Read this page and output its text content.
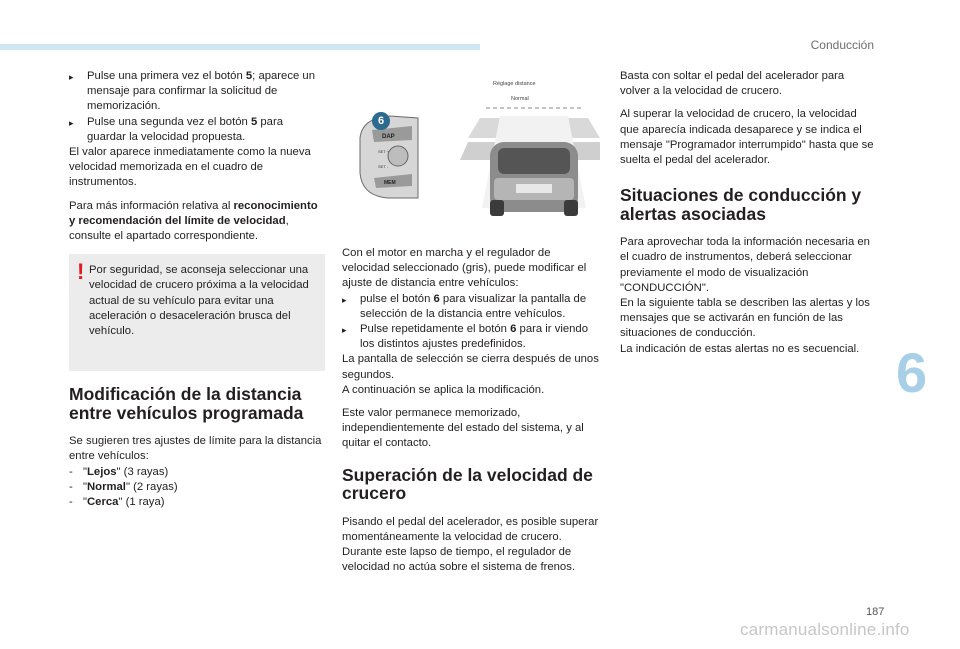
Conducción
▸	Pulse una primera vez el botón 5; aparece un mensaje para confirmar la solicitud de memorización.
▸	Pulse una segunda vez el botón 5 para guardar la velocidad propuesta.

El valor aparece inmediatamente como la nueva velocidad memorizada en el cuadro de instrumentos.

Para más información relativa al reconocimiento y recomendación del límite de velocidad, consulte el apartado correspondiente.

! Por seguridad, se aconseja seleccionar una velocidad de crucero próxima a la velocidad actual de su vehículo para evitar una aceleración o desaceleración brusca del vehículo.
Modificación de la distancia entre vehículos programada

Se sugieren tres ajustes de límite para la distancia entre vehículos:

- "Lejos" (3 rayas)
- "Normal" (2 rayas)
- "Cerca" (1 raya)
DAP
SET +
SET -
MEM
6
Réglage distance
Normal

Con el motor en marcha y el regulador de velocidad seleccionado (gris), puede modificar el ajuste de distancia entre vehículos:

▸	pulse el botón 6 para visualizar la pantalla de selección de la distancia entre vehículos.
▸	Pulse repetidamente el botón 6 para ir viendo los distintos ajustes predefinidos.

La pantalla de selección se cierra después de unos segundos.

A continuación se aplica la modificación.

Este valor permanece memorizado, independientemente del estado del sistema, y al quitar el contacto.

Superación de la velocidad de crucero

Pisando el pedal del acelerador, es posible superar momentáneamente la velocidad de crucero.

Durante este lapso de tiempo, el regulador de velocidad no actúa sobre el sistema de frenos.

Basta con soltar el pedal del acelerador para volver a la velocidad de crucero.

Al superar la velocidad de crucero, la velocidad que aparecía indicada desaparece y se indica el mensaje "Programador interrumpido" hasta que se suelta el pedal del acelerador.

Situaciones de conducción y alertas asociadas

Para aprovechar toda la información necesaria en el cuadro de instrumentos, deberá seleccionar previamente el modo de visualización "CONDUCCIÓN".

En la siguiente tabla se describen las alertas y los mensajes que se activarán en función de las situaciones de conducción.

La indicación de estas alertas no es secuencial. 6
187
carmanualsonline.info
